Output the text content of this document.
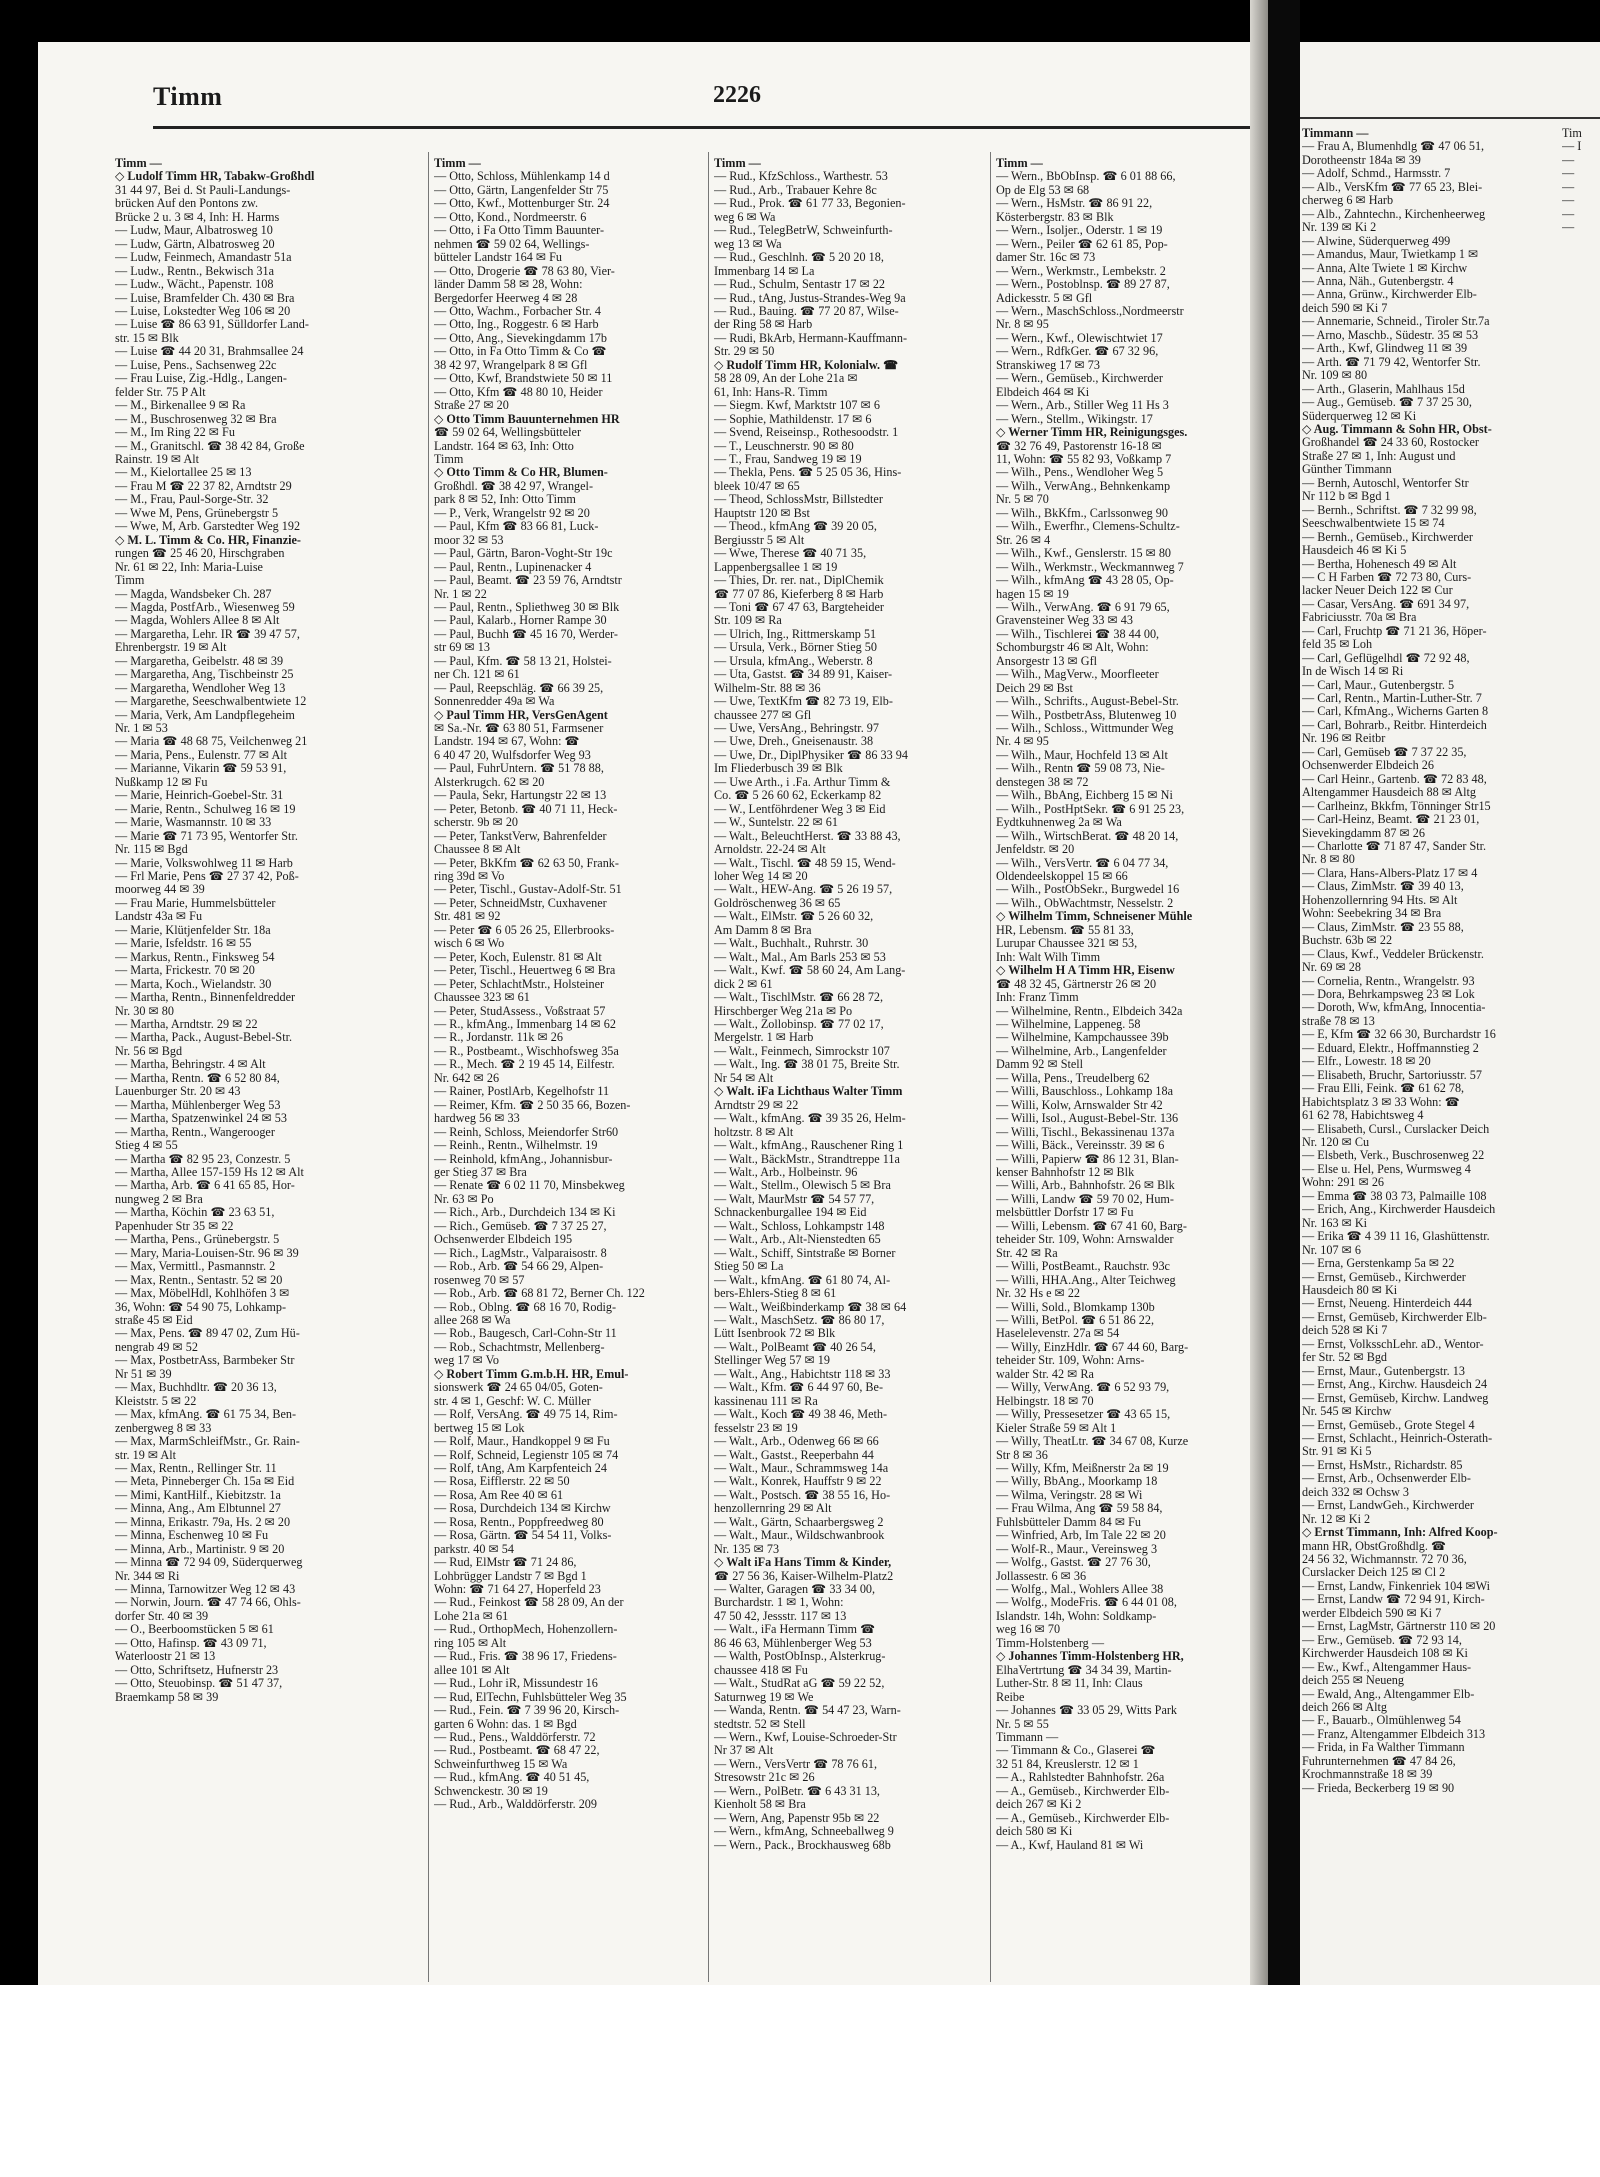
Timm	2226
Timm —
◇ Ludolf Timm HR, Tabakw-Großhdl
31 44 97, Bei d. St Pauli-Landungs-
brücken Auf den Pontons zw.
Brücke 2 u. 3 ✉ 4, Inh: H. Harms
— Ludw, Maur, Albatrosweg 10
— Ludw, Gärtn, Albatrosweg 20
— Ludw, Feinmech, Amandastr 51a
— Ludw., Rentn., Bekwisch 31a
— Ludw., Wächt., Papenstr. 108
— Luise, Bramfelder Ch. 430 ✉ Bra
— Luise, Lokstedter Weg 106 ✉ 20
— Luise ☎ 86 63 91, Sülldorfer Land-
str. 15 ✉ Blk
— Luise ☎ 44 20 31, Brahmsallee 24
— Luise, Pens., Sachsenweg 22c
— Frau Luise, Zig.-Hdlg., Langen-
felder Str. 75 P Alt
— M., Birkenallee 9 ✉ Ra
— M., Buschrosenweg 32 ✉ Bra
— M., Im Ring 22 ✉ Fu
— M., Granitschl. ☎ 38 42 84, Große
Rainstr. 19 ✉ Alt
— M., Kielortallee 25 ✉ 13
— Frau M ☎ 22 37 82, Arndtstr 29
— M., Frau, Paul-Sorge-Str. 32
— Wwe M, Pens, Grünebergstr 5
— Wwe, M, Arb. Garstedter Weg 192
◇ M. L. Timm & Co. HR, Finanzie-
rungen ☎ 25 46 20, Hirschgraben
Nr. 61 ✉ 22, Inh: Maria-Luise
Timm
— Magda, Wandsbeker Ch. 287
— Magda, PostfArb., Wiesenweg 59
— Magda, Wohlers Allee 8 ✉ Alt
— Margaretha, Lehr. IR ☎ 39 47 57,
Ehrenbergstr. 19 ✉ Alt
— Margaretha, Geibelstr. 48 ✉ 39
— Margaretha, Ang, Tischbeinstr 25
— Margaretha, Wendloher Weg 13
— Margarethe, Seeschwalbentwiete 12
— Maria, Verk, Am Landpflegeheim
Nr. 1 ✉ 53
— Maria ☎ 48 68 75, Veilchenweg 21
— Maria, Pens., Eulenstr. 77 ✉ Alt
— Marianne, Vikarin ☎ 59 53 91,
Nußkamp 12 ✉ Fu
— Marie, Heinrich-Goebel-Str. 31
— Marie, Rentn., Schulweg 16 ✉ 19
— Marie, Wasmannstr. 10 ✉ 33
— Marie ☎ 71 73 95, Wentorfer Str.
Nr. 115 ✉ Bgd
— Marie, Volkswohlweg 11 ✉ Harb
— Frl Marie, Pens ☎ 27 37 42, Poß-
moorweg 44 ✉ 39
— Frau Marie, Hummelsbütteler
Landstr 43a ✉ Fu
— Marie, Klütjenfelder Str. 18a
— Marie, Isfeldstr. 16 ✉ 55
— Markus, Rentn., Finksweg 54
— Marta, Frickestr. 70 ✉ 20
— Marta, Koch., Wielandstr. 30
— Martha, Rentn., Binnenfeldredder
Nr. 30 ✉ 80
— Martha, Arndtstr. 29 ✉ 22
— Martha, Pack., August-Bebel-Str.
Nr. 56 ✉ Bgd
— Martha, Behringstr. 4 ✉ Alt
— Martha, Rentn. ☎ 6 52 80 84,
Lauenburger Str. 20 ✉ 43
— Martha, Mühlenberger Weg 53
— Martha, Spatzenwinkel 24 ✉ 53
— Martha, Rentn., Wangerooger
Stieg 4 ✉ 55
— Martha ☎ 82 95 23, Conzestr. 5
— Martha, Allee 157-159 Hs 12 ✉ Alt
— Martha, Arb. ☎ 6 41 65 85, Hor-
nungweg 2 ✉ Bra
— Martha, Köchin ☎ 23 63 51,
Papenhuder Str 35 ✉ 22
— Martha, Pens., Grünebergstr. 5
— Mary, Maria-Louisen-Str. 96 ✉ 39
— Max, Vermittl., Pasmannstr. 2
— Max, Rentn., Sentastr. 52 ✉ 20
— Max, MöbelHdl, Kohlhöfen 3 ✉
36, Wohn: ☎ 54 90 75, Lohkamp-
straße 45 ✉ Eid
— Max, Pens. ☎ 89 47 02, Zum Hü-
nengrab 49 ✉ 52
— Max, PostbetrAss, Barmbeker Str
Nr 51 ✉ 39
— Max, Buchhdltr. ☎ 20 36 13,
Kleiststr. 5 ✉ 22
— Max, kfmAng. ☎ 61 75 34, Ben-
zenbergweg 8 ✉ 33
— Max, MarmSchleifMstr., Gr. Rain-
str. 19 ✉ Alt
— Max, Rentn., Rellinger Str. 11
— Meta, Pinneberger Ch. 15a ✉ Eid
— Mimi, KantHilf., Kiebitzstr. 1a
— Minna, Ang., Am Elbtunnel 27
— Minna, Erikastr. 79a, Hs. 2 ✉ 20
— Minna, Eschenweg 10 ✉ Fu
— Minna, Arb., Martinistr. 9 ✉ 20
— Minna ☎ 72 94 09, Süderquerweg
Nr. 344 ✉ Ri
— Minna, Tarnowitzer Weg 12 ✉ 43
— Norwin, Journ. ☎ 47 74 66, Ohls-
dorfer Str. 40 ✉ 39
— O., Beerboomstücken 5 ✉ 61
— Otto, Hafinsp. ☎ 43 09 71,
Waterloostr 21 ✉ 13
— Otto, Schriftsetz, Hufnerstr 23
— Otto, Steuobinsp. ☎ 51 47 37,
Braemkamp 58 ✉ 39
Timm —
— Otto, Schloss, Mühlenkamp 14 d
— Otto, Gärtn, Langenfelder Str 75
— Otto, Kwf., Mottenburger Str. 24
— Otto, Kond., Nordmeerstr. 6
— Otto, i Fa Otto Timm Bauunter-
nehmen ☎ 59 02 64, Wellings-
bütteler Landstr 164 ✉ Fu
— Otto, Drogerie ☎ 78 63 80, Vier-
länder Damm 58 ✉ 28, Wohn:
Bergedorfer Heerweg 4 ✉ 28
— Otto, Wachm., Forbacher Str. 4
— Otto, Ing., Roggestr. 6 ✉ Harb
— Otto, Ang., Sievekingdamm 17b
— Otto, in Fa Otto Timm & Co ☎
38 42 97, Wrangelpark 8 ✉ Gfl
— Otto, Kwf, Brandstwiete 50 ✉ 11
— Otto, Kfm ☎ 48 80 10, Heider
Straße 27 ✉ 20
◇ Otto Timm Bauunternehmen HR
☎ 59 02 64, Wellingsbütteler
Landstr. 164 ✉ 63, Inh: Otto
Timm
◇ Otto Timm & Co HR, Blumen-
Großhdl. ☎ 38 42 97, Wrangel-
park 8 ✉ 52, Inh: Otto Timm
— P., Verk, Wrangelstr 92 ✉ 20
— Paul, Kfm ☎ 83 66 81, Luck-
moor 32 ✉ 53
— Paul, Gärtn, Baron-Voght-Str 19c
— Paul, Rentn., Lupinenacker 4
— Paul, Beamt. ☎ 23 59 76, Arndtstr
Nr. 1 ✉ 22
— Paul, Rentn., Spliethweg 30 ✉ Blk
— Paul, Kalarb., Horner Rampe 30
— Paul, Buchh ☎ 45 16 70, Werder-
str 69 ✉ 13
— Paul, Kfm. ☎ 58 13 21, Holstei-
ner Ch. 121 ✉ 61
— Paul, Reepschläg. ☎ 66 39 25,
Sonnenredder 49a ✉ Wa
◇ Paul Timm HR, VersGenAgent
✉ Sa.-Nr. ☎ 63 80 51, Farmsener
Landstr. 194 ✉ 67, Wohn: ☎
6 40 47 20, Wulfsdorfer Weg 93
— Paul, FuhrUntern. ☎ 51 78 88,
Alsterkrugch. 62 ✉ 20
— Paula, Sekr, Hartungstr 22 ✉ 13
— Peter, Betonb. ☎ 40 71 11, Heck-
scherstr. 9b ✉ 20
— Peter, TankstVerw, Bahrenfelder
Chaussee 8 ✉ Alt
— Peter, BkKfm ☎ 62 63 50, Frank-
ring 39d ✉ Vo
— Peter, Tischl., Gustav-Adolf-Str. 51
— Peter, SchneidMstr, Cuxhavener
Str. 481 ✉ 92
— Peter ☎ 6 05 26 25, Ellerbrooks-
wisch 6 ✉ Wo
— Peter, Koch, Eulenstr. 81 ✉ Alt
— Peter, Tischl., Heuertweg 6 ✉ Bra
— Peter, SchlachtMstr., Holsteiner
Chaussee 323 ✉ 61
— Peter, StudAssess., Voßstraat 57
— R., kfmAng., Immenbarg 14 ✉ 62
— R., Jordanstr. 11k ✉ 26
— R., Postbeamt., Wischhofsweg 35a
— R., Mech. ☎ 2 19 45 14, Eilfestr.
Nr. 642 ✉ 26
— Rainer, PostlArb, Kegelhofstr 11
— Reimer, Kfm. ☎ 2 50 35 66, Bozen-
hardweg 56 ✉ 33
— Reinh, Schloss, Meiendorfer Str60
— Reinh., Rentn., Wilhelmstr. 19
— Reinhold, kfmAng., Johannisbur-
ger Stieg 37 ✉ Bra
— Renate ☎ 6 02 11 70, Minsbekweg
Nr. 63 ✉ Po
— Rich., Arb., Durchdeich 134 ✉ Ki
— Rich., Gemüseb. ☎ 7 37 25 27,
Ochsenwerder Elbdeich 195
— Rich., LagMstr., Valparaisostr. 8
— Rob., Arb. ☎ 54 66 29, Alpen-
rosenweg 70 ✉ 57
— Rob., Arb. ☎ 68 81 72, Berner Ch. 122
— Rob., Oblng. ☎ 68 16 70, Rodig-
allee 268 ✉ Wa
— Rob., Baugesch, Carl-Cohn-Str 11
— Rob., Schachtmstr, Mellenberg-
weg 17 ✉ Vo
◇ Robert Timm G.m.b.H. HR, Emul-
sionswerk ☎ 24 65 04/05, Goten-
str. 4 ✉ 1, Geschf: W. C. Müller
— Rolf, VersAng. ☎ 49 75 14, Rim-
bertweg 15 ✉ Lok
— Rolf, Maur., Handkoppel 9 ✉ Fu
— Rolf, Schneid, Legienstr 105 ✉ 74
— Rolf, tAng, Am Karpfenteich 24
— Rosa, Eifflerstr. 22 ✉ 50
— Rosa, Am Ree 40 ✉ 61
— Rosa, Durchdeich 134 ✉ Kirchw
— Rosa, Rentn., Poppfreedweg 80
— Rosa, Gärtn. ☎ 54 54 11, Volks-
parkstr. 40 ✉ 54
— Rud, ElMstr ☎ 71 24 86,
Lohbrügger Landstr 7 ✉ Bgd 1
Wohn: ☎ 71 64 27, Hoperfeld 23
— Rud., Feinkost ☎ 58 28 09, An der
Lohe 21a ✉ 61
— Rud., OrthopMech, Hohenzollern-
ring 105 ✉ Alt
— Rud., Fris. ☎ 38 96 17, Friedens-
allee 101 ✉ Alt
— Rud., Lohr iR, Missundestr 16
— Rud, ElTechn, Fuhlsbütteler Weg 35
— Rud., Fein. ☎ 7 39 96 20, Kirsch-
garten 6 Wohn: das. 1 ✉ Bgd
— Rud., Pens., Walddörferstr. 72
— Rud., Postbeamt. ☎ 68 47 22,
Schweinfurthweg 15 ✉ Wa
— Rud., kfmAng. ☎ 40 51 45,
Schwenckestr. 30 ✉ 19
— Rud., Arb., Walddörferstr. 209
Timm —
— Rud., KfzSchloss., Warthestr. 53
— Rud., Arb., Trabauer Kehre 8c
— Rud., Prok. ☎ 61 77 33, Begonien-
weg 6 ✉ Wa
— Rud., TelegBetrW, Schweinfurth-
weg 13 ✉ Wa
— Rud., Geschlnh. ☎ 5 20 20 18,
Immenbarg 14 ✉ La
— Rud., Schulm, Sentastr 17 ✉ 22
— Rud., tAng, Justus-Strandes-Weg 9a
— Rud., Bauing. ☎ 77 20 87, Wilse-
der Ring 58 ✉ Harb
— Rudi, BkArb, Hermann-Kauffmann-
Str. 29 ✉ 50
◇ Rudolf Timm HR, Kolonialw. ☎
58 28 09, An der Lohe 21a ✉
61, Inh: Hans-R. Timm
— Siegm. Kwf, Marktstr 107 ✉ 6
— Sophie, Mathildenstr. 17 ✉ 6
— Svend, Reiseinsp., Rothesoodstr. 1
— T., Leuschnerstr. 90 ✉ 80
— T., Frau, Sandweg 19 ✉ 19
— Thekla, Pens. ☎ 5 25 05 36, Hins-
bleek 10/47 ✉ 65
— Theod, SchlossMstr, Billstedter
Hauptstr 120 ✉ Bst
— Theod., kfmAng ☎ 39 20 05,
Bergiusstr 5 ✉ Alt
— Wwe, Therese ☎ 40 71 35,
Lappenbergsallee 1 ✉ 19
— Thies, Dr. rer. nat., DiplChemik
☎ 77 07 86, Kieferberg 8 ✉ Harb
— Toni ☎ 67 47 63, Bargteheider
Str. 109 ✉ Ra
— Ulrich, Ing., Rittmerskamp 51
— Ursula, Verk., Börner Stieg 50
— Ursula, kfmAng., Weberstr. 8
— Uta, Gastst. ☎ 34 89 91, Kaiser-
Wilhelm-Str. 88 ✉ 36
— Uwe, TextKfm ☎ 82 73 19, Elb-
chaussee 277 ✉ Gfl
— Uwe, VersAng., Behringstr. 97
— Uwe, Dreh., Gneisenaustr. 38
— Uwe, Dr., DiplPhysiker ☎ 86 33 94
Im Fliederbusch 39 ✉ Blk
— Uwe Arth., i .Fa. Arthur Timm &
Co. ☎ 5 26 60 62, Eckerkamp 82
— W., Lentföhrdener Weg 3 ✉ Eid
— W., Suntelstr. 22 ✉ 61
— Walt., BeleuchtHerst. ☎ 33 88 43,
Arnoldstr. 22-24 ✉ Alt
— Walt., Tischl. ☎ 48 59 15, Wend-
loher Weg 14 ✉ 20
— Walt., HEW-Ang. ☎ 5 26 19 57,
Goldröschenweg 36 ✉ 65
— Walt., ElMstr. ☎ 5 26 60 32,
Am Damm 8 ✉ Bra
— Walt., Buchhalt., Ruhrstr. 30
— Walt., Mal., Am Barls 253 ✉ 53
— Walt., Kwf. ☎ 58 60 24, Am Lang-
dick 2 ✉ 61
— Walt., TischlMstr. ☎ 66 28 72,
Hirschberger Weg 21a ✉ Po
— Walt., Zollobinsp. ☎ 77 02 17,
Mergelstr. 1 ✉ Harb
— Walt., Feinmech, Simrockstr 107
— Walt., Ing. ☎ 38 01 75, Breite Str.
Nr 54 ✉ Alt
◇ Walt. iFa Lichthaus Walter Timm
Arndtstr 29 ✉ 22
— Walt., kfmAng. ☎ 39 35 26, Helm-
holtzstr. 8 ✉ Alt
— Walt., kfmAng., Rauschener Ring 1
— Walt., BäckMstr., Strandtreppe 11a
— Walt., Arb., Holbeinstr. 96
— Walt., Stellm., Olewisch 5 ✉ Bra
— Walt, MaurMstr ☎ 54 57 77,
Schnackenburgallee 194 ✉ Eid
— Walt., Schloss, Lohkampstr 148
— Walt., Arb., Alt-Nienstedten 65
— Walt., Schiff, Sintstraße ✉ Borner
Stieg 50 ✉ La
— Walt., kfmAng. ☎ 61 80 74, Al-
bers-Ehlers-Stieg 8 ✉ 61
— Walt., Weißbinderkamp ☎ 38 ✉ 64
— Walt., MaschSetz. ☎ 86 80 17,
Lütt Isenbrook 72 ✉ Blk
— Walt., PolBeamt ☎ 40 26 54,
Stellinger Weg 57 ✉ 19
— Walt., Ang., Habichtstr 118 ✉ 33
— Walt., Kfm. ☎ 6 44 97 60, Be-
kassinenau 111 ✉ Ra
— Walt., Koch ☎ 49 38 46, Meth-
fesselstr 23 ✉ 19
— Walt., Arb., Odenweg 66 ✉ 66
— Walt., Gastst., Reeperbahn 44
— Walt., Maur., Schrammsweg 14a
— Walt., Konrek, Hauffstr 9 ✉ 22
— Walt., Postsch. ☎ 38 55 16, Ho-
henzollernring 29 ✉ Alt
— Walt., Gärtn, Schaarbergsweg 2
— Walt., Maur., Wildschwanbrook
Nr. 135 ✉ 73
◇ Walt iFa Hans Timm & Kinder,
☎ 27 56 36, Kaiser-Wilhelm-Platz2
— Walter, Garagen ☎ 33 34 00,
Burchardstr. 1 ✉ 1, Wohn:
47 50 42, Jessstr. 117 ✉ 13
— Walt., iFa Hermann Timm ☎
86 46 63, Mühlenberger Weg 53
— Walth, PostObInsp., Alsterkrug-
chaussee 418 ✉ Fu
— Walt., StudRat aG ☎ 59 22 52,
Saturnweg 19 ✉ We
— Wanda, Rentn. ☎ 54 47 23, Warn-
stedtstr. 52 ✉ Stell
— Wern., Kwf, Louise-Schroeder-Str
Nr 37 ✉ Alt
— Wern., VersVertr ☎ 78 76 61,
Stresowstr 21c ✉ 26
— Wern., PolBetr. ☎ 6 43 31 13,
Kienholt 58 ✉ Bra
— Wern, Ang, Papenstr 95b ✉ 22
— Wern., kfmAng, Schneeballweg 9
— Wern., Pack., Brockhausweg 68b
Timm —
— Wern., BbObInsp. ☎ 6 01 88 66,
Op de Elg 53 ✉ 68
— Wern., HsMstr. ☎ 86 91 22,
Kösterbergstr. 83 ✉ Blk
— Wern., Isoljer., Oderstr. 1 ✉ 19
— Wern., Peiler ☎ 62 61 85, Pop-
damer Str. 16c ✉ 73
— Wern., Werkmstr., Lembekstr. 2
— Wern., Postoblnsp. ☎ 89 27 87,
Adickesstr. 5 ✉ Gfl
— Wern., MaschSchloss.,Nordmeerstr
Nr. 8 ✉ 95
— Wern., Kwf., Olewischtwiet 17
— Wern., RdfkGer. ☎ 67 32 96,
Stranskiweg 17 ✉ 73
— Wern., Gemüseb., Kirchwerder
Elbdeich 464 ✉ Ki
— Wern., Arb., Stiller Weg 11 Hs 3
— Wern., Stellm., Wikingstr. 17
◇ Werner Timm HR, Reinigungsges.
☎ 32 76 49, Pastorenstr 16-18 ✉
11, Wohn: ☎ 55 82 93, Voßkamp 7
— Wilh., Pens., Wendloher Weg 5
— Wilh., VerwAng., Behnkenkamp
Nr. 5 ✉ 70
— Wilh., BkKfm., Carlssonweg 90
— Wilh., Ewerfhr., Clemens-Schultz-
Str. 26 ✉ 4
— Wilh., Kwf., Genslerstr. 15 ✉ 80
— Wilh., Werkmstr., Weckmannweg 7
— Wilh., kfmAng ☎ 43 28 05, Op-
hagen 15 ✉ 19
— Wilh., VerwAng. ☎ 6 91 79 65,
Gravensteiner Weg 33 ✉ 43
— Wilh., Tischlerei ☎ 38 44 00,
Schomburgstr 46 ✉ Alt, Wohn:
Ansorgestr 13 ✉ Gfl
— Wilh., MagVerw., Moorfleeter
Deich 29 ✉ Bst
— Wilh., Schrifts., August-Bebel-Str.
— Wilh., PostbetrAss, Blutenweg 10
— Wilh., Schloss., Wittmunder Weg
Nr. 4 ✉ 95
— Wilh., Maur, Hochfeld 13 ✉ Alt
— Wilh., Rentn ☎ 59 08 73, Nie-
denstegen 38 ✉ 72
— Wilh., BbAng, Eichberg 15 ✉ Ni
— Wilh., PostHptSekr. ☎ 6 91 25 23,
Eydtkuhnenweg 2a ✉ Wa
— Wilh., WirtschBerat. ☎ 48 20 14,
Jenfeldstr. ✉ 20
— Wilh., VersVertr. ☎ 6 04 77 34,
Oldendeelskoppel 15 ✉ 66
— Wilh., PostObSekr., Burgwedel 16
— Wilh., ObWachtmstr, Nesselstr. 2
◇ Wilhelm Timm, Schneisener Mühle
HR, Lebensm. ☎ 55 81 33,
Lurupar Chaussee 321 ✉ 53,
Inh: Walt Wilh Timm
◇ Wilhelm H A Timm HR, Eisenw
☎ 48 32 45, Gärtnerstr 26 ✉ 20
Inh: Franz Timm
— Wilhelmine, Rentn., Elbdeich 342a
— Wilhelmine, Lappeneg. 58
— Wilhelmine, Kampchaussee 39b
— Wilhelmine, Arb., Langenfelder
Damm 92 ✉ Stell
— Willa, Pens., Treudelberg 62
— Willi, Bauschloss., Lohkamp 18a
— Willi, Kolw, Arnswalder Str 42
— Willi, Isol., August-Bebel-Str. 136
— Willi, Tischl., Bekassinenau 137a
— Willi, Bäck., Vereinsstr. 39 ✉ 6
— Willi, Papierw ☎ 86 12 31, Blan-
kenser Bahnhofstr 12 ✉ Blk
— Willi, Arb., Bahnhofstr. 26 ✉ Blk
— Willi, Landw ☎ 59 70 02, Hum-
melsbüttler Dorfstr 17 ✉ Fu
— Willi, Lebensm. ☎ 67 41 60, Barg-
teheider Str. 109, Wohn: Arnswalder
Str. 42 ✉ Ra
— Willi, PostBeamt., Rauchstr. 93c
— Willi, HHA.Ang., Alter Teichweg
Nr. 32 Hs e ✉ 22
— Willi, Sold., Blomkamp 130b
— Willi, BetPol. ☎ 6 51 86 22,
Haselelevenstr. 27a ✉ 54
— Willy, EinzHdlr. ☎ 67 44 60, Barg-
teheider Str. 109, Wohn: Arns-
walder Str. 42 ✉ Ra
— Willy, VerwAng. ☎ 6 52 93 79,
Helbingstr. 18 ✉ 70
— Willy, Pressesetzer ☎ 43 65 15,
Kieler Straße 59 ✉ Alt 1
— Willy, TheatLtr. ☎ 34 67 08, Kurze
Str 8 ✉ 36
— Willy, Kfm, Meißnerstr 2a ✉ 19
— Willy, BbAng., Moorkamp 18
— Wilma, Veringstr. 28 ✉ Wi
— Frau Wilma, Ang ☎ 59 58 84,
Fuhlsbütteler Damm 84 ✉ Fu
— Winfried, Arb, Im Tale 22 ✉ 20
— Wolf-R., Maur., Vereinsweg 3
— Wolfg., Gastst. ☎ 27 76 30,
Jollassestr. 6 ✉ 36
— Wolfg., Mal., Wohlers Allee 38
— Wolfg., ModeFris. ☎ 6 44 01 08,
Islandstr. 14h, Wohn: Soldkamp-
weg 16 ✉ 70
Timm-Holstenberg —
◇ Johannes Timm-Holstenberg HR,
ElhaVertrtung ☎ 34 34 39, Martin-
Luther-Str. 8 ✉ 11, Inh: Claus
Reibe
— Johannes ☎ 33 05 29, Witts Park
Nr. 5 ✉ 55
Timmann —
— Timmann & Co., Glaserei ☎
32 51 84, Kreuslerstr. 12 ✉ 1
— A., Rahlstedter Bahnhofstr. 26a
— A., Gemüseb., Kirchwerder Elb-
deich 267 ✉ Ki 2
— A., Gemüseb., Kirchwerder Elb-
deich 580 ✉ Ki
— A., Kwf, Hauland 81 ✉ Wi
Timmann —
— Frau A, Blumenhdlg ☎ 47 06 51,
Dorotheenstr 184a ✉ 39
— Adolf, Schmd., Harmsstr. 7
— Alb., VersKfm ☎ 77 65 23, Blei-
cherweg 6 ✉ Harb
— Alb., Zahntechn., Kirchenheerweg
Nr. 139 ✉ Ki 2
— Alwine, Süderquerweg 499
— Amandus, Maur, Twietkamp 1 ✉
— Anna, Alte Twiete 1 ✉ Kirchw
— Anna, Näh., Gutenbergstr. 4
— Anna, Grünw., Kirchwerder Elb-
deich 590 ✉ Ki 7
— Annemarie, Schneid., Tiroler Str.7a
— Arno, Maschb., Südestr. 35 ✉ 53
— Arth., Kwf, Glindweg 11 ✉ 39
— Arth. ☎ 71 79 42, Wentorfer Str.
Nr. 109 ✉ 80
— Arth., Glaserin, Mahlhaus 15d
— Aug., Gemüseb. ☎ 7 37 25 30,
Süderquerweg 12 ✉ Ki
◇ Aug. Timmann & Sohn HR, Obst-
Großhandel ☎ 24 33 60, Rostocker
Straße 27 ✉ 1, Inh: August und
Günther Timmann
— Bernh, Autoschl, Wentorfer Str
Nr 112 b ✉ Bgd 1
— Bernh., Schriftst. ☎ 7 32 99 98,
Seeschwalbentwiete 15 ✉ 74
— Bernh., Gemüseb., Kirchwerder
Hausdeich 46 ✉ Ki 5
— Bertha, Hohenesch 49 ✉ Alt
— C H Farben ☎ 72 73 80, Curs-
lacker Neuer Deich 122 ✉ Cur
— Casar, VersAng. ☎ 691 34 97,
Fabriciusstr. 70a ✉ Bra
— Carl, Fruchtp ☎ 71 21 36, Höper-
feld 35 ✉ Loh
— Carl, Geflügelhdl ☎ 72 92 48,
In de Wisch 14 ✉ Ri
— Carl, Maur., Gutenbergstr. 5
— Carl, Rentn., Martin-Luther-Str. 7
— Carl, KfmAng., Wicherns Garten 8
— Carl, Bohrarb., Reitbr. Hinterdeich
Nr. 196 ✉ Reitbr
— Carl, Gemüseb ☎ 7 37 22 35,
Ochsenwerder Elbdeich 26
— Carl Heinr., Gartenb. ☎ 72 83 48,
Altengammer Hausdeich 88 ✉ Altg
— Carlheinz, Bkkfm, Tönninger Str15
— Carl-Heinz, Beamt. ☎ 21 23 01,
Sievekingdamm 87 ✉ 26
— Charlotte ☎ 71 87 47, Sander Str.
Nr. 8 ✉ 80
— Clara, Hans-Albers-Platz 17 ✉ 4
— Claus, ZimMstr. ☎ 39 40 13,
Hohenzollernring 94 Hts. ✉ Alt
Wohn: Seebekring 34 ✉ Bra
— Claus, ZimMstr. ☎ 23 55 88,
Buchstr. 63b ✉ 22
— Claus, Kwf., Veddeler Brückenstr.
Nr. 69 ✉ 28
— Cornelia, Rentn., Wrangelstr. 93
— Dora, Behrkampsweg 23 ✉ Lok
— Doroth, Ww, kfmAng, Innocentia-
straße 78 ✉ 13
— E, Kfm ☎ 32 66 30, Burchardstr 16
— Eduard, Elektr., Hoffmannstieg 2
— Elfr., Lowestr. 18 ✉ 20
— Elisabeth, Bruchr, Sartoriusstr. 57
— Frau Elli, Feink. ☎ 61 62 78,
Habichtsplatz 3 ✉ 33 Wohn: ☎
61 62 78, Habichtsweg 4
— Elisabeth, Cursl., Curslacker Deich
Nr. 120 ✉ Cu
— Elsbeth, Verk., Buschrosenweg 22
— Else u. Hel, Pens, Wurmsweg 4
Wohn: 291 ✉ 26
— Emma ☎ 38 03 73, Palmaille 108
— Erich, Ang., Kirchwerder Hausdeich
Nr. 163 ✉ Ki
— Erika ☎ 4 39 11 16, Glashüttenstr.
Nr. 107 ✉ 6
— Erna, Gerstenkamp 5a ✉ 22
— Ernst, Gemüseb., Kirchwerder
Hausdeich 80 ✉ Ki
— Ernst, Neueng. Hinterdeich 444
— Ernst, Gemüseb, Kirchwerder Elb-
deich 528 ✉ Ki 7
— Ernst, VolksschLehr. aD., Wentor-
fer Str. 52 ✉ Bgd
— Ernst, Maur., Gutenbergstr. 13
— Ernst, Ang., Kirchw. Hausdeich 24
— Ernst, Gemüseb, Kirchw. Landweg
Nr. 545 ✉ Kirchw
— Ernst, Gemüseb., Grote Stegel 4
— Ernst, Schlacht., Heinrich-Osterath-
Str. 91 ✉ Ki 5
— Ernst, HsMstr., Richardstr. 85
— Ernst, Arb., Ochsenwerder Elb-
deich 332 ✉ Ochsw 3
— Ernst, LandwGeh., Kirchwerder
Nr. 12 ✉ Ki 2
◇ Ernst Timmann, Inh: Alfred Koop-
mann HR, ObstGroßhdlg. ☎
24 56 32, Wichmannstr. 72 70 36,
Curslacker Deich 125 ✉ Cl 2
— Ernst, Landw, Finkenriek 104 ✉Wi
— Ernst, Landw ☎ 72 94 91, Kirch-
werder Elbdeich 590 ✉ Ki 7
— Ernst, LagMstr, Gärtnerstr 110 ✉ 20
— Erw., Gemüseb. ☎ 72 93 14,
Kirchwerder Hausdeich 108 ✉ Ki
— Ew., Kwf., Altengammer Haus-
deich 255 ✉ Neueng
— Ewald, Ang., Altengammer Elb-
deich 266 ✉ Altg
— F., Bauarb., Olmühlenweg 54
— Franz, Altengammer Elbdeich 313
— Frida, in Fa Walther Timmann
Fuhrunternehmen ☎ 47 84 26,
Krochmannstraße 18 ✉ 39
— Frieda, Beckerberg 19 ✉ 90
Tim
— I
—
—
—
—
—
—
